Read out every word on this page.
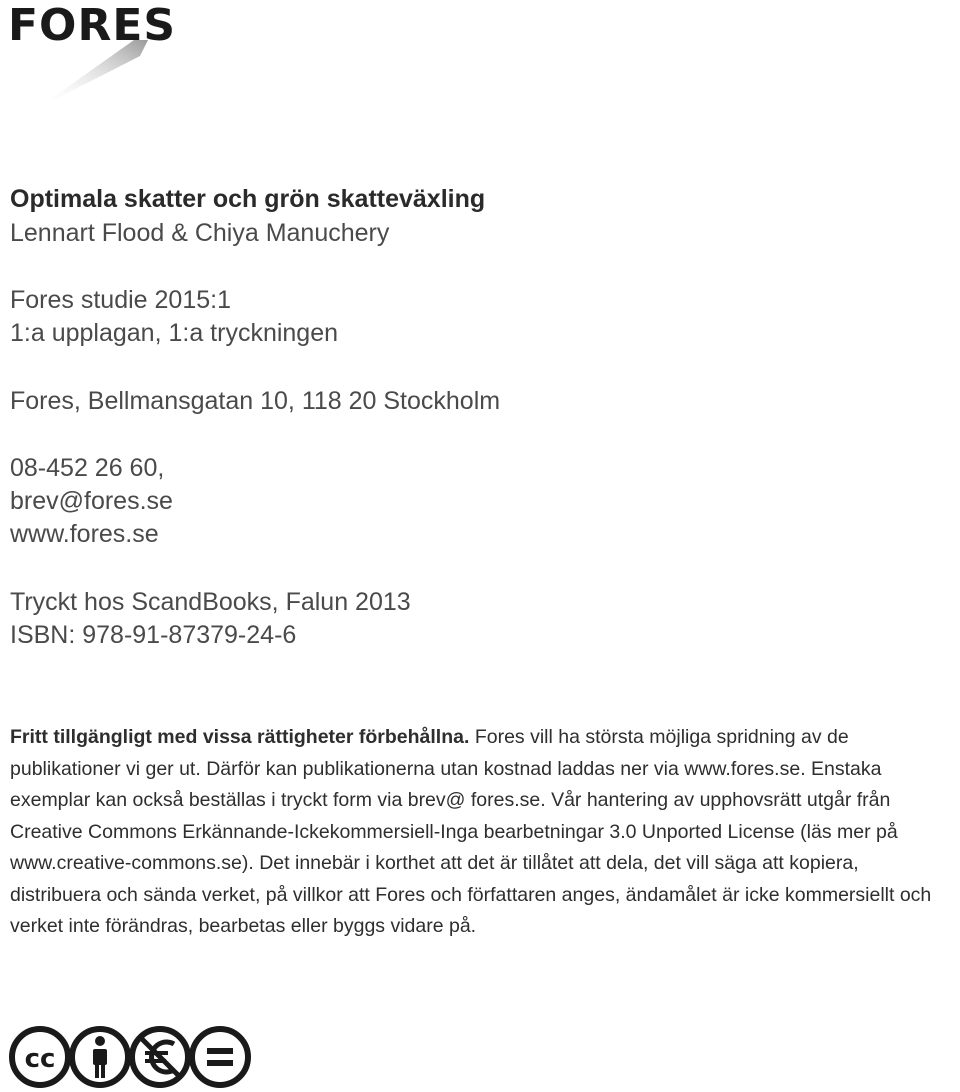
FORES
Optimala skatter och grön skatteväxling
Lennart Flood & Chiya Manuchery
Fores studie 2015:1
1:a upplagan, 1:a tryckningen
Fores, Bellmansgatan 10, 118 20 Stockholm
08-452 26 60,
brev@fores.se
www.fores.se
Tryckt hos ScandBooks, Falun 2013
ISBN: 978-91-87379-24-6
Fritt tillgängligt med vissa rättigheter förbehållna. Fores vill ha största möjliga spridning av de publikationer vi ger ut. Därför kan publikationerna utan kostnad laddas ner via www.fores.se. Enstaka exemplar kan också beställas i tryckt form via brev@ fores.se. Vår hantering av upphovsrätt utgår från Creative Commons Erkännande-Ickekommersiell-Inga bearbetningar 3.0 Unported License (läs mer på www.creative-commons.se). Det innebär i korthet att det är tillåtet att dela, det vill säga att kopiera, distribuera och sända verket, på villkor att Fores och författaren anges, ändamålet är icke kommersiellt och verket inte förändras, bearbetas eller byggs vidare på.
cc
